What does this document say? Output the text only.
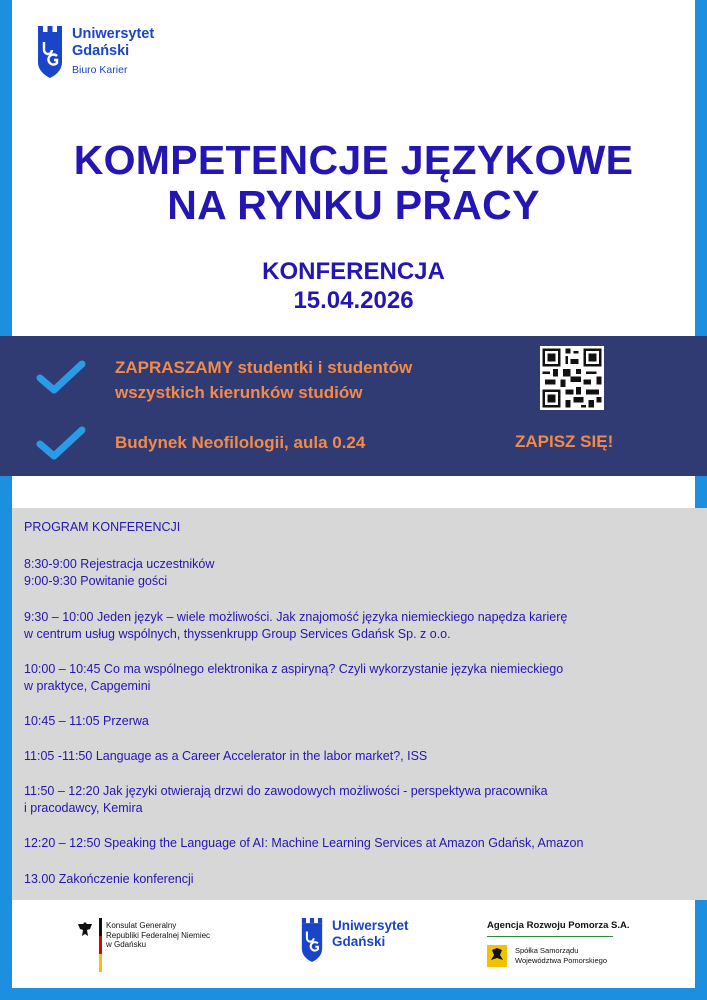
Uniwersytet
Gdański
Biuro Karier
KOMPETENCJE JĘZYKOWE
NA RYNKU PRACY
KONFERENCJA
15.04.2026
ZAPRASZAMY studentki i studentów
wszystkich kierunków studiów
Budynek Neofilologii, aula 0.24	ZAPISZ SIĘ!
PROGRAM KONFERENCJI
8:30-9:00 Rejestracja uczestników
9:00-9:30 Powitanie gości
9:30 – 10:00 Jeden język – wiele możliwości. Jak znajomość języka niemieckiego napędza karierę
w centrum usług wspólnych, thyssenkrupp Group Services Gdańsk Sp. z o.o.
10:00 – 10:45 Co ma wspólnego elektronika z aspiryną? Czyli wykorzystanie języka niemieckiego
w praktyce, Capgemini
10:45 – 11:05 Przerwa
11:05 -11:50 Language as a Career Accelerator in the labor market?, ISS
11:50 – 12:20 Jak języki otwierają drzwi do zawodowych możliwości - perspektywa pracownika
i pracodawcy, Kemira
12:20 – 12:50 Speaking the Language of AI: Machine Learning Services at Amazon Gdańsk, Amazon
13.00 Zakończenie konferencji
Konsulat Generalny
Republiki Federalnej Niemiec
w Gdańsku
Uniwersytet
Gdański
Agencja Rozwoju Pomorza S.A.
Spółka Samorządu
Województwa Pomorskiego
